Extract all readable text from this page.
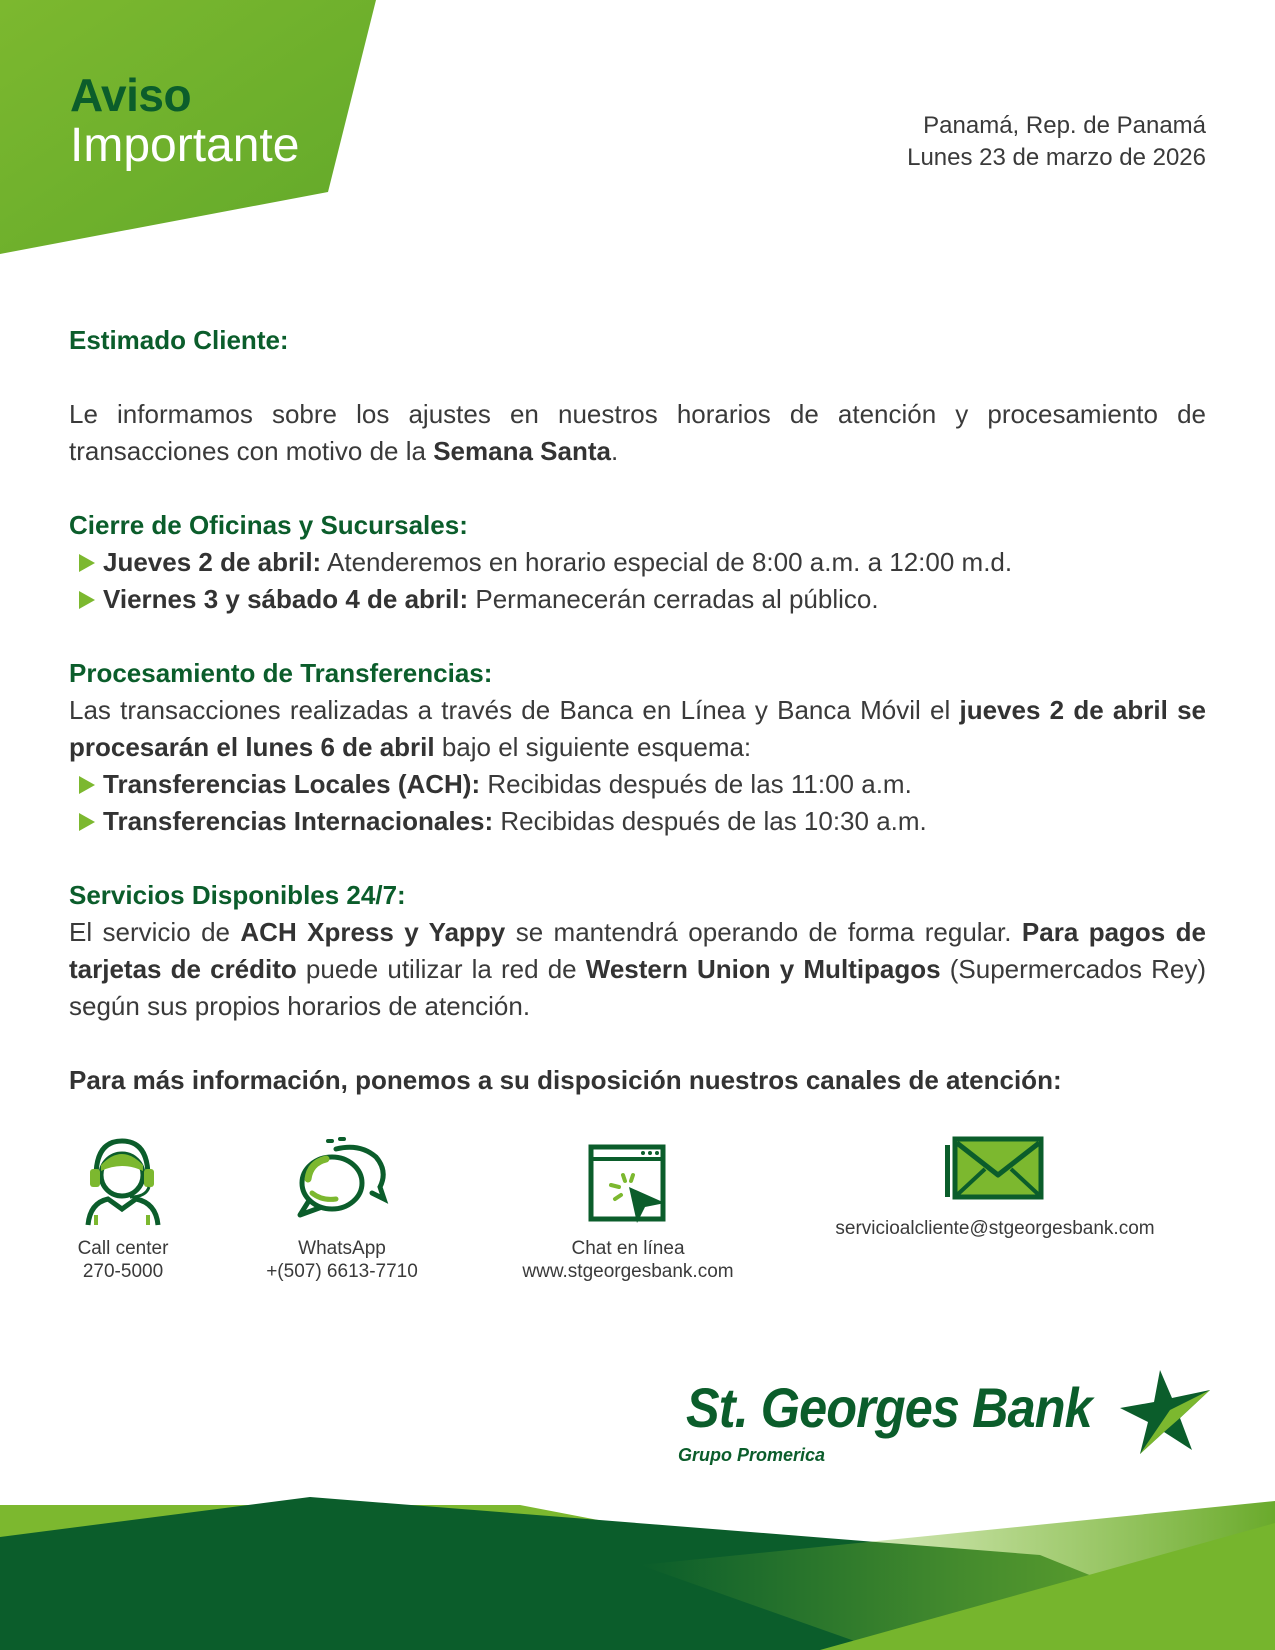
Aviso
Importante	Panamá, Rep. de Panamá
Lunes 23 de marzo de 2026
Estimado Cliente:
Le informamos sobre los ajustes en nuestros horarios de atención y procesamiento de transacciones con motivo de la Semana Santa.
Cierre de Oficinas y Sucursales:
Jueves 2 de abril: Atenderemos en horario especial de 8:00 a.m. a 12:00 m.d.
Viernes 3 y sábado 4 de abril: Permanecerán cerradas al público.
Procesamiento de Transferencias:
Las transacciones realizadas a través de Banca en Línea y Banca Móvil el jueves 2 de abril se procesarán el lunes 6 de abril bajo el siguiente esquema:
Transferencias Locales (ACH): Recibidas después de las 11:00 a.m.
Transferencias Internacionales: Recibidas después de las 10:30 a.m.
Servicios Disponibles 24/7:
El servicio de ACH Xpress y Yappy se mantendrá operando de forma regular. Para pagos de tarjetas de crédito puede utilizar la red de Western Union y Multipagos (Supermercados Rey) según sus propios horarios de atención.
Para más información, ponemos a su disposición nuestros canales de atención:
Call center
270-5000
WhatsApp
+(507) 6613-7710
Chat en línea
www.stgeorgesbank.com
servicioalcliente@stgeorgesbank.com
St. Georges Bank
Grupo Promerica
